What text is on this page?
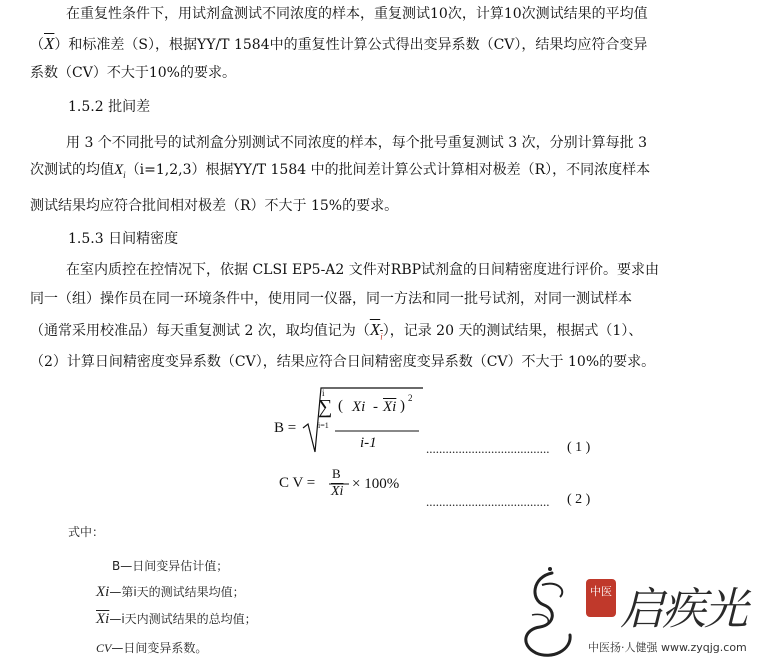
在重复性条件下，用试剂盒测试不同浓度的样本，重复测试10次，计算10次测试结果的平均值
$(\overline{X})$和标准差（S），根据YY/T 1584中的重复性计算公式得出变异系数（CV），结果均应符合变异
系数（CV）不大于10%的要求。
1.5.2 批间差
用 3 个不同批号的试剂盒分别测试不同浓度的样本，每个批号重复测试 3 次，分别计算每批 3
次测试的均值$X_i(i=1,2,3)$根据YY/T 1584 中的批间差计算公式计算相对极差（R），不同浓度样本
测试结果均应符合批间相对极差（R）不大于 15%的要求。
1.5.3 日间精密度
在室内质控在控情况下，依据 CLSI EP5-A2 文件对RBP试剂盒的日间精密度进行评价。要求由
同一（组）操作员在同一环境条件中，使用同一仪器，同一方法和同一批号试剂，对同一测试样本
（通常采用校准品）每天重复测试 2 次，取均值记为$(X_i)$，记录 20 天的测试结果，根据式（1）、
（2）计算日间精密度变异系数（CV），结果应符合日间精密度变异系数（CV）不大于 10%的要求。
B =
i
∑
i=1
( Xi - $\overline{Xi}$ ) 2
i-1	...................................... ( 1 )
C V =
B
$\overline{Xi} \times 100\%$
...................................... ( 2 )
式中：
B—日间变异估计值；
Xi—第i天的测试结果均值；
$\overline{Xi}—i$天内测试结果的总均值；
CV—日间变异系数。
中医 启疾光
中医扬·人健强 www.zyqjg.com
